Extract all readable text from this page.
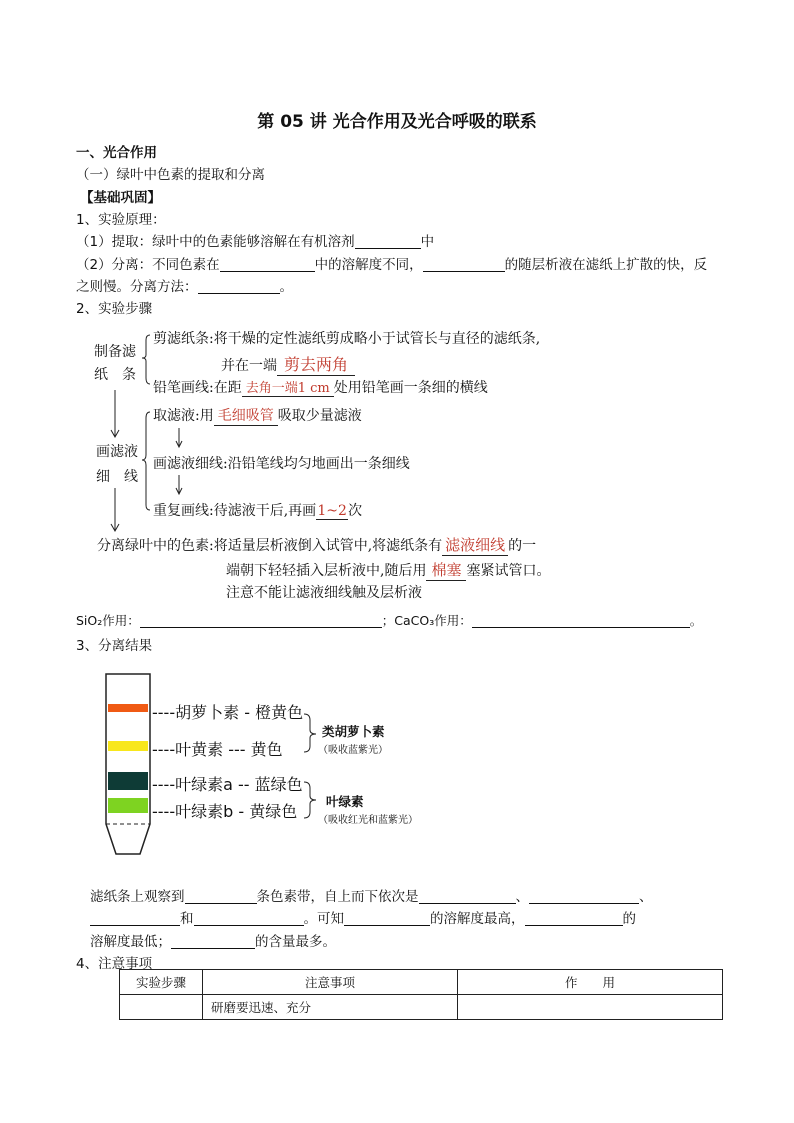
第 05 讲 光合作用及光合呼吸的联系
一、光合作用
（一）绿叶中色素的提取和分离
【基础巩固】
1、实验原理：
（1）提取：绿叶中的色素能够溶解在有机溶剂	中
（2）分离：不同色素在	中的溶解度不同，	的随层析液在滤纸上扩散的快，反
之则慢。分离方法：	。
2、实验步骤
制备滤
纸　条
剪滤纸条:将干燥的定性滤纸剪成略小于试管长与直径的滤纸条,
并在一端 剪去两角
铅笔画线:在距 去角一端1 cm 处用铅笔画一条细的横线
画滤液
细　线
取滤液:用 毛细吸管 吸取少量滤液
画滤液细线:沿铅笔线均匀地画出一条细线
重复画线:待滤液干后,再画1~2次
分离绿叶中的色素:将适量层析液倒入试管中,将滤纸条有 滤液细线 的一
端朝下轻轻插入层析液中,随后用 棉塞 塞紧试管口。
注意不能让滤液细线触及层析液
SiO₂作用：	；CaCO₃作用：	。
3、分离结果
----胡萝卜素 - 橙黄色
----叶黄素 --- 黄色
----叶绿素a -- 蓝绿色
----叶绿素b - 黄绿色
类胡萝卜素
（吸收蓝紫光）
叶绿素
（吸收红光和蓝紫光）
滤纸条上观察到	条色素带，自上而下依次是	、	、
和	。可知	的溶解度最高，	的
溶解度最低；	的含量最多。
4、注意事项
实验步骤	注意事项	作　　用
	研磨要迅速、充分	
